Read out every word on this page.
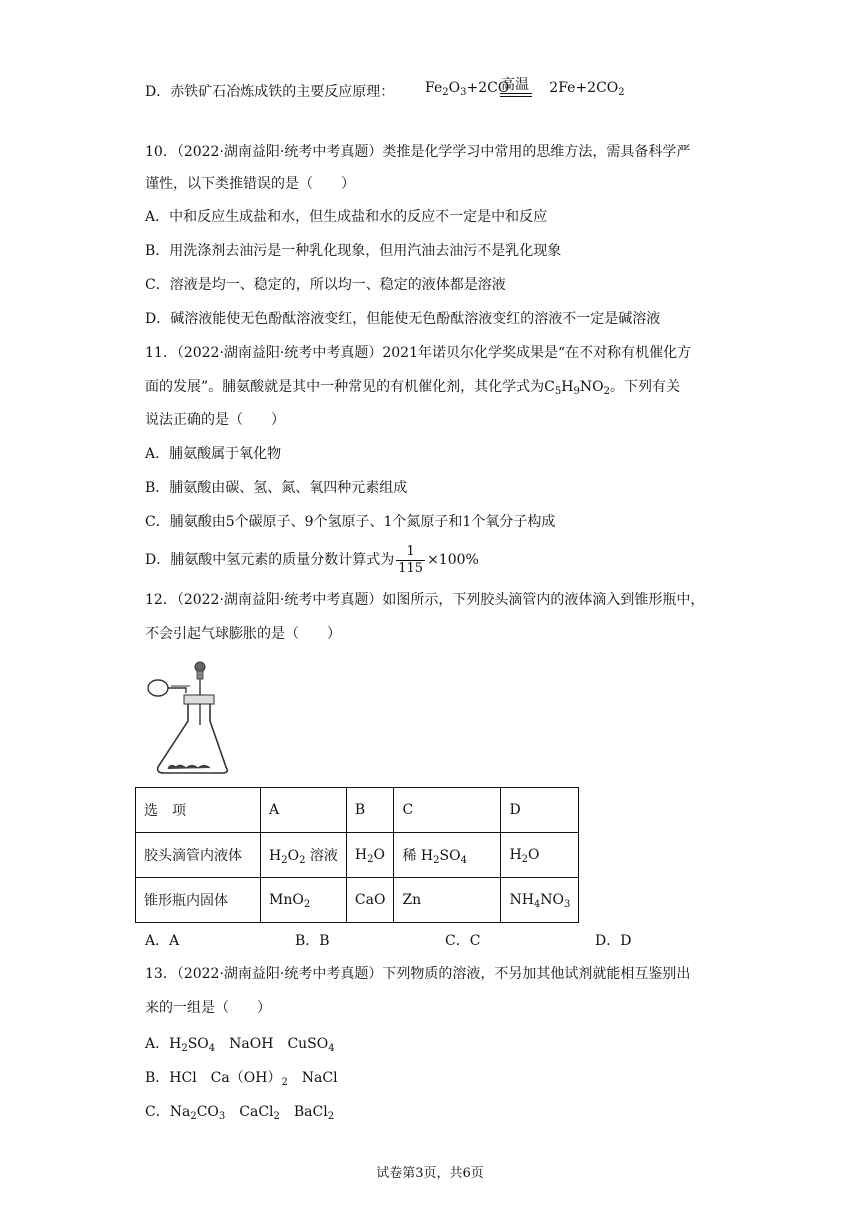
D．赤铁矿石冶炼成铁的主要反应原理： $Fe_2O_3+2CO$	$2Fe+2CO_2$
高温
10．（2022·湖南益阳·统考中考真题）类推是化学学习中常用的思维方法，需具备科学严
谨性，以下类推错误的是（　　）
A．中和反应生成盐和水，但生成盐和水的反应不一定是中和反应
B．用洗涤剂去油污是一种乳化现象，但用汽油去油污不是乳化现象
C．溶液是均一、稳定的，所以均一、稳定的液体都是溶液
D．碱溶液能使无色酚酞溶液变红，但能使无色酚酞溶液变红的溶液不一定是碱溶液
11．（2022·湖南益阳·统考中考真题）2021年诺贝尔化学奖成果是“在不对称有机催化方
面的发展”。脯氨酸就是其中一种常见的有机催化剂，其化学式为$C_5H_9NO_2$。下列有关
说法正确的是（　　）
A．脯氨酸属于氧化物
B．脯氨酸由碳、氢、氮、氧四种元素组成
C．脯氨酸由5个碳原子、9个氢原子、1个氮原子和1个氧分子构成
D．脯氨酸中氢元素的质量分数计算式为 $\frac{1}{115} \times 100\%$
12．（2022·湖南益阳·统考中考真题）如图所示，下列胶头滴管内的液体滴入到锥形瓶中，
不会引起气球膨胀的是（　　）
选　项	A	B	C	D
胶头滴管内液体	$H_2O_2$ 溶液	$H_2O$	稀 $H_2SO_4$	$H_2O$
锥形瓶内固体	MnO$_2$	CaO	Zn	$NH_4NO_3$
A．A	B．B	C．C	D．D
13．（2022·湖南益阳·统考中考真题）下列物质的溶液，不另加其他试剂就能相互鉴别出
来的一组是（　　）
A．$H_2SO_4$　NaOH　CuSO$_4$
B．HCl　$Ca(OH)_2$　NaCl
C．$Na_2CO_3$　CaCl$_2$　BaCl$_2$
试卷第3页，共6页
